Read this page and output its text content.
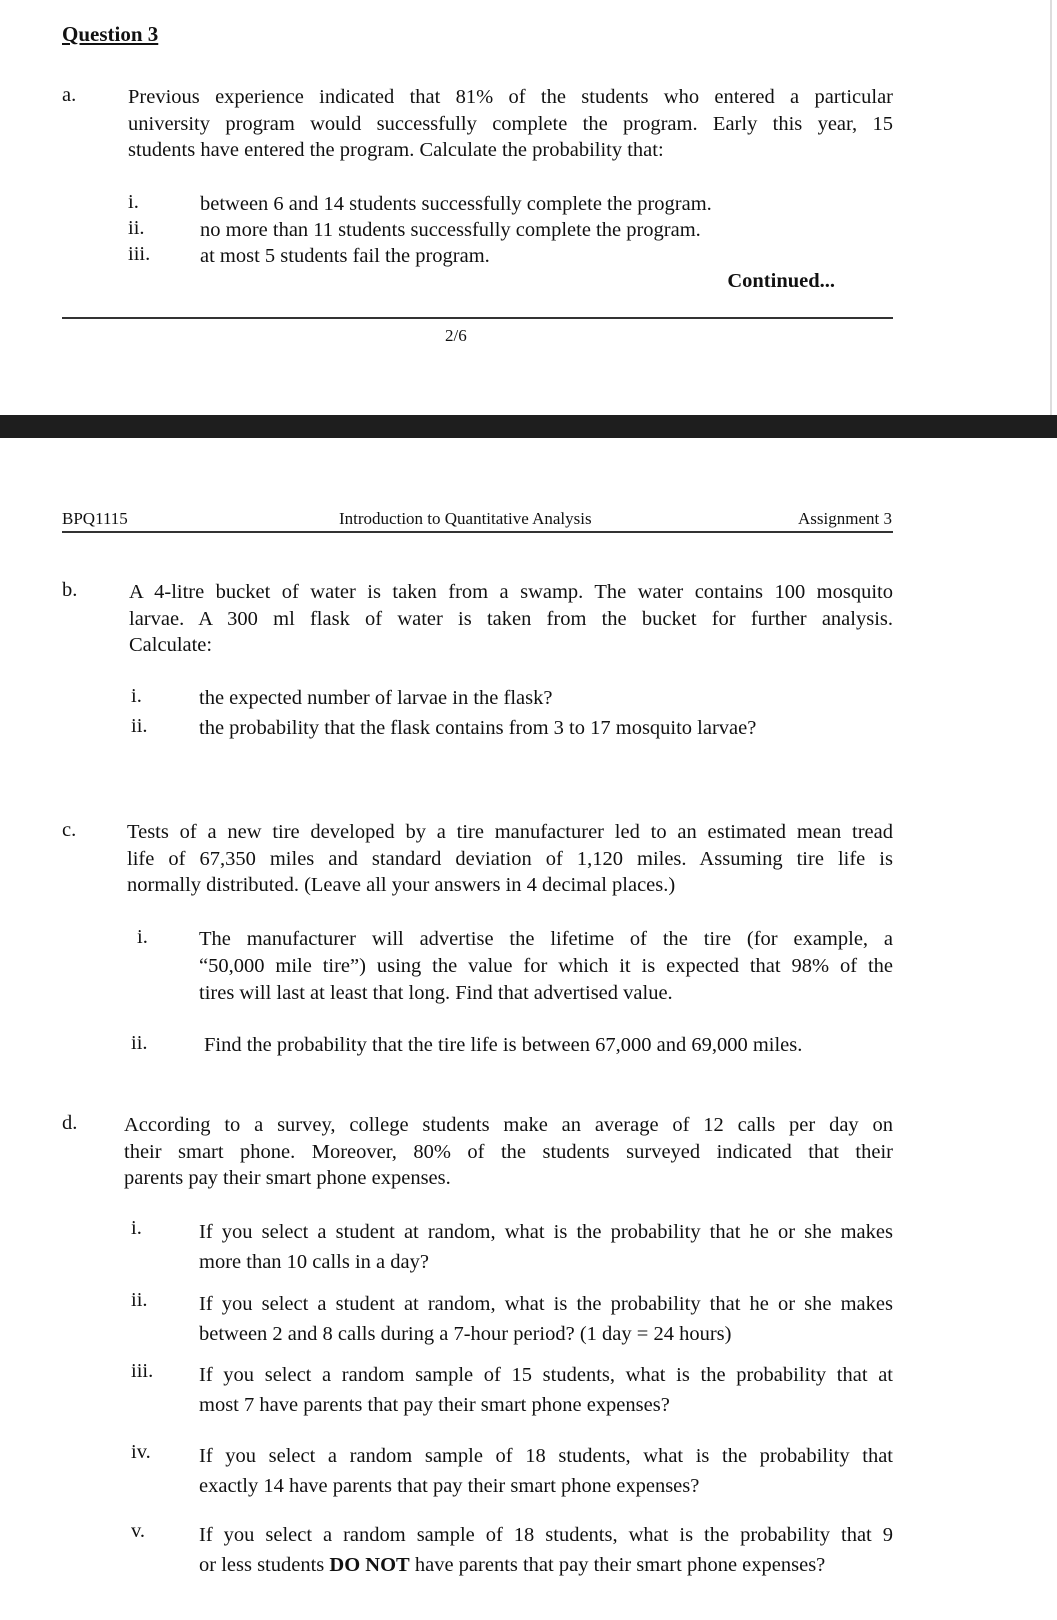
Question 3
a.	Previous experience indicated that 81% of the students who entered a particular
university program would successfully complete the program. Early this year, 15
students have entered the program. Calculate the probability that:
i.	between 6 and 14 students successfully complete the program.
ii.	no more than 11 students successfully complete the program.
iii. at most 5 students fail the program.
Continued...
2/6
BPQ1115	Introduction to Quantitative Analysis	Assignment 3
b.	A 4-litre bucket of water is taken from a swamp. The water contains 100 mosquito
larvae. A 300 ml flask of water is taken from the bucket for further analysis.
Calculate:
i.	the expected number of larvae in the flask?
ii.	the probability that the flask contains from 3 to 17 mosquito larvae?
c. Tests of a new tire developed by a tire manufacturer led to an estimated mean tread
life of 67,350 miles and standard deviation of 1,120 miles. Assuming tire life is
normally distributed. (Leave all your answers in 4 decimal places.)
i. The manufacturer will advertise the lifetime of the tire (for example, a
“50,000 mile tire”) using the value for which it is expected that 98% of the
tires will last at least that long. Find that advertised value.
ii.	Find the probability that the tire life is between 67,000 and 69,000 miles.
d. According to a survey, college students make an average of 12 calls per day on
their smart phone. Moreover, 80% of the students surveyed indicated that their
parents pay their smart phone expenses.
i.	If you select a student at random, what is the probability that he or she makes
more than 10 calls in a day?
ii.	If you select a student at random, what is the probability that he or she makes
between 2 and 8 calls during a 7-hour period? (1 day = 24 hours)
iii. If you select a random sample of 15 students, what is the probability that at
most 7 have parents that pay their smart phone expenses?
iv. If you select a random sample of 18 students, what is the probability that
exactly 14 have parents that pay their smart phone expenses?
v.	If you select a random sample of 18 students, what is the probability that 9
or less students DO NOT have parents that pay their smart phone expenses?
